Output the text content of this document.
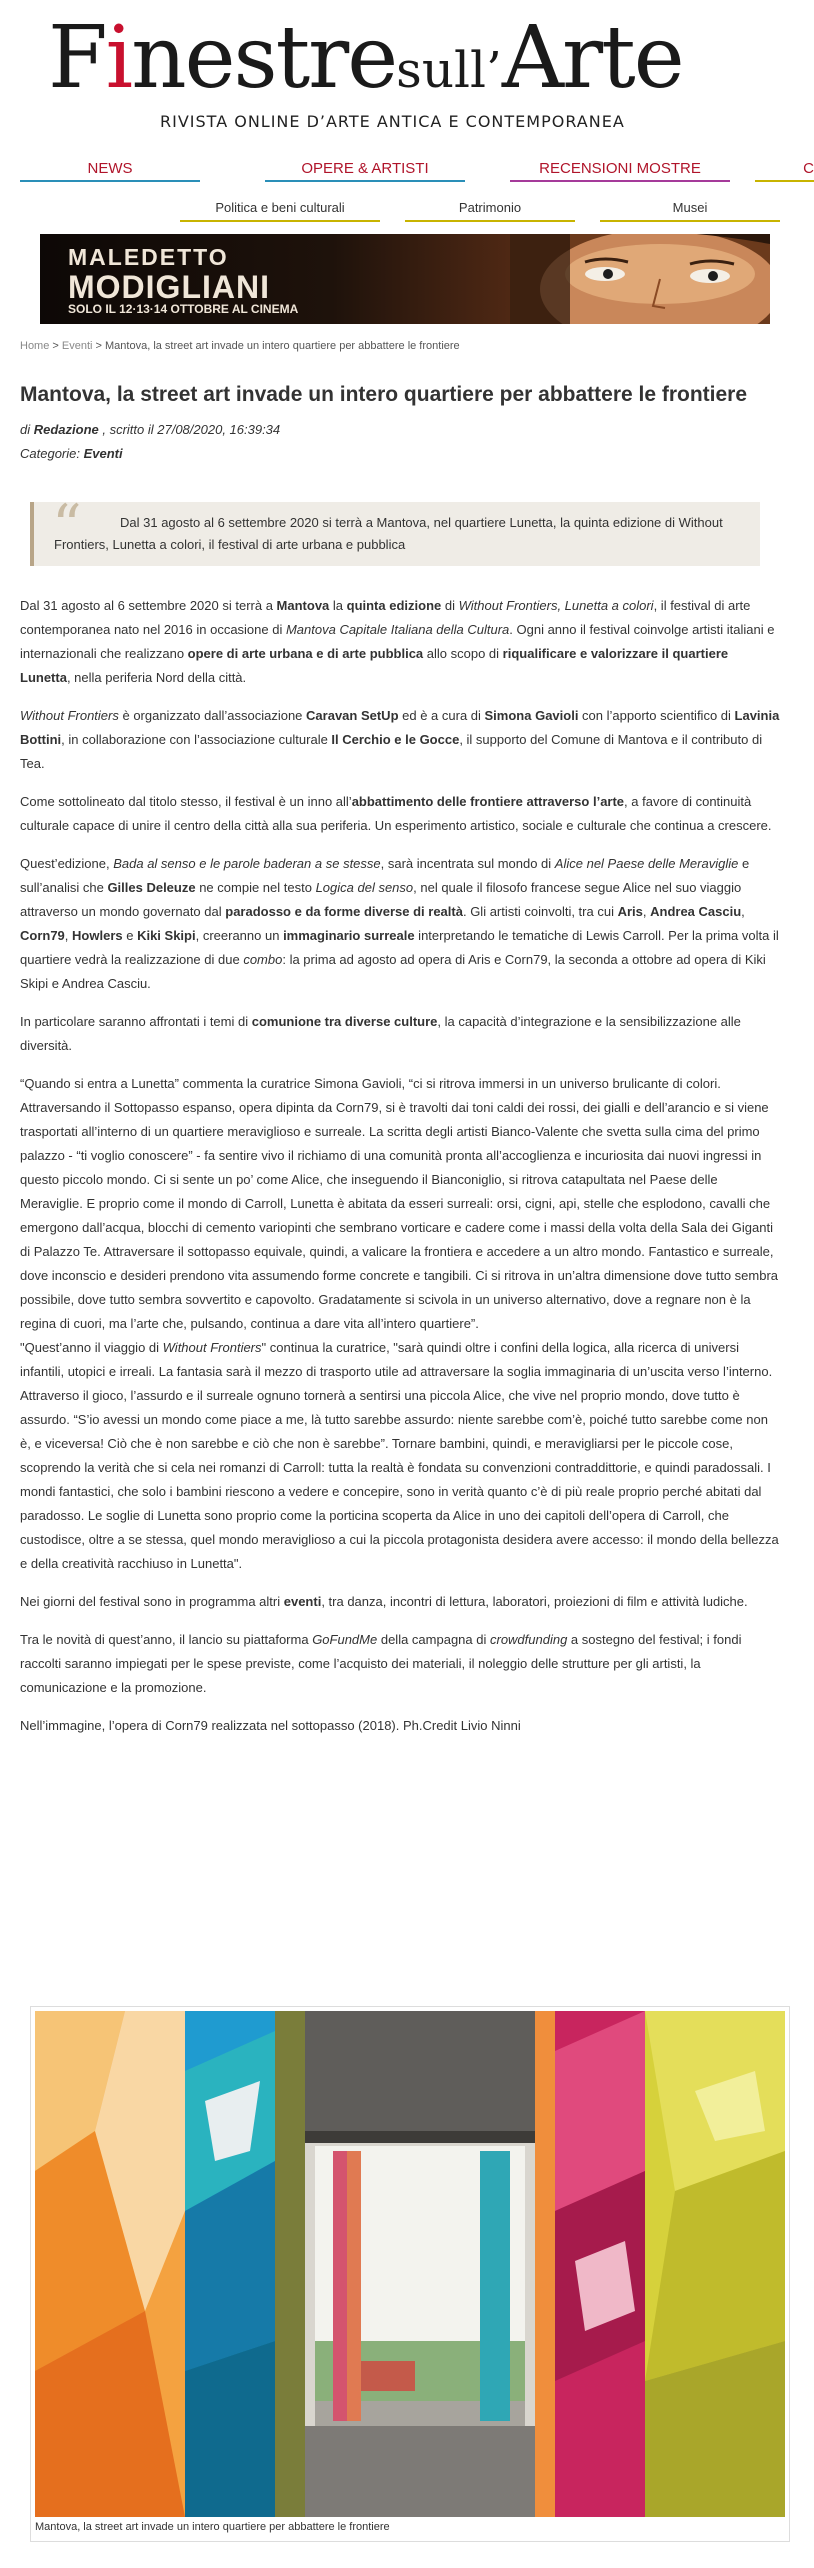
Finestresull’Arte
RIVISTA ONLINE D’ARTE ANTICA E CONTEMPORANEA
NEWS	OPERE & ARTISTI	RECENSIONI MOSTRE	C
Politica e beni culturali	Patrimonio	Musei
MALEDETTO
MODIGLIANI
SOLO IL 12·13·14 OTTOBRE AL CINEMA
Home > Eventi > Mantova, la street art invade un intero quartiere per abbattere le frontiere
Mantova, la street art invade un intero quartiere per abbattere le frontiere
di Redazione , scritto il 27/08/2020, 16:39:34
Categorie: Eventi
“	Dal 31 agosto al 6 settembre 2020 si terrà a Mantova, nel quartiere Lunetta, la quinta edizione di Without Frontiers, Lunetta a colori, il festival di arte urbana e pubblica

Dal 31 agosto al 6 settembre 2020 si terrà a Mantova la quinta edizione di Without Frontiers, Lunetta a colori, il festival di arte contemporanea nato nel 2016 in occasione di Mantova Capitale Italiana della Cultura. Ogni anno il festival coinvolge artisti italiani e internazionali che realizzano opere di arte urbana e di arte pubblica allo scopo di riqualificare e valorizzare il quartiere Lunetta, nella periferia Nord della città.

Without Frontiers è organizzato dall’associazione Caravan SetUp ed è a cura di Simona Gavioli con l’apporto scientifico di Lavinia Bottini, in collaborazione con l’associazione culturale Il Cerchio e le Gocce, il supporto del Comune di Mantova e il contributo di Tea.

Come sottolineato dal titolo stesso, il festival è un inno all’abbattimento delle frontiere attraverso l’arte, a favore di continuità culturale capace di unire il centro della città alla sua periferia. Un esperimento artistico, sociale e culturale che continua a crescere.

Quest’edizione, Bada al senso e le parole baderan a se stesse, sarà incentrata sul mondo di Alice nel Paese delle Meraviglie e sull’analisi che Gilles Deleuze ne compie nel testo Logica del senso, nel quale il filosofo francese segue Alice nel suo viaggio attraverso un mondo governato dal paradosso e da forme diverse di realtà. Gli artisti coinvolti, tra cui Aris, Andrea Casciu, Corn79, Howlers e Kiki Skipi, creeranno un immaginario surreale interpretando le tematiche di Lewis Carroll. Per la prima volta il quartiere vedrà la realizzazione di due combo: la prima ad agosto ad opera di Aris e Corn79, la seconda a ottobre ad opera di Kiki Skipi e Andrea Casciu.

In particolare saranno affrontati i temi di comunione tra diverse culture, la capacità d’integrazione e la sensibilizzazione alle diversità.

“Quando si entra a Lunetta” commenta la curatrice Simona Gavioli, “ci si ritrova immersi in un universo brulicante di colori. Attraversando il Sottopasso espanso, opera dipinta da Corn79, si è travolti dai toni caldi dei rossi, dei gialli e dell’arancio e si viene trasportati all’interno di un quartiere meraviglioso e surreale. La scritta degli artisti Bianco-Valente che svetta sulla cima del primo palazzo - “ti voglio conoscere” - fa sentire vivo il richiamo di una comunità pronta all’accoglienza e incuriosita dai nuovi ingressi in questo piccolo mondo. Ci si sente un po’ come Alice, che inseguendo il Bianconiglio, si ritrova catapultata nel Paese delle Meraviglie. E proprio come il mondo di Carroll, Lunetta è abitata da esseri surreali: orsi, cigni, api, stelle che esplodono, cavalli che emergono dall’acqua, blocchi di cemento variopinti che sembrano vorticare e cadere come i massi della volta della Sala dei Giganti di Palazzo Te. Attraversare il sottopasso equivale, quindi, a valicare la frontiera e accedere a un altro mondo. Fantastico e surreale, dove inconscio e desideri prendono vita assumendo forme concrete e tangibili. Ci si ritrova in un’altra dimensione dove tutto sembra possibile, dove tutto sembra sovvertito e capovolto. Gradatamente si scivola in un universo alternativo, dove a regnare non è la regina di cuori, ma l’arte che, pulsando, continua a dare vita all’intero quartiere”.

"Quest’anno il viaggio di Without Frontiers" continua la curatrice, "sarà quindi oltre i confini della logica, alla ricerca di universi infantili, utopici e irreali. La fantasia sarà il mezzo di trasporto utile ad attraversare la soglia immaginaria di un’uscita verso l’interno. Attraverso il gioco, l’assurdo e il surreale ognuno tornerà a sentirsi una piccola Alice, che vive nel proprio mondo, dove tutto è assurdo. “S’io avessi un mondo come piace a me, là tutto sarebbe assurdo: niente sarebbe com’è, poiché tutto sarebbe come non è, e viceversa! Ciò che è non sarebbe e ciò che non è sarebbe”. Tornare bambini, quindi, e meravigliarsi per le piccole cose, scoprendo la verità che si cela nei romanzi di Carroll: tutta la realtà è fondata su convenzioni contraddittorie, e quindi paradossali. I mondi fantastici, che solo i bambini riescono a vedere e concepire, sono in verità quanto c’è di più reale proprio perché abitati dal paradosso. Le soglie di Lunetta sono proprio come la porticina scoperta da Alice in uno dei capitoli dell’opera di Carroll, che custodisce, oltre a se stessa, quel mondo meraviglioso a cui la piccola protagonista desidera avere accesso: il mondo della bellezza e della creatività racchiuso in Lunetta".

Nei giorni del festival sono in programma altri eventi, tra danza, incontri di lettura, laboratori, proiezioni di film e attività ludiche.

Tra le novità di quest’anno, il lancio su piattaforma GoFundMe della campagna di crowdfunding a sostegno del festival; i fondi raccolti saranno impiegati per le spese previste, come l’acquisto dei materiali, il noleggio delle strutture per gli artisti, la comunicazione e la promozione.

Nell’immagine, l’opera di Corn79 realizzata nel sottopasso (2018). Ph.Credit Livio Ninni

Mantova, la street art invade un intero quartiere per abbattere le frontiere
